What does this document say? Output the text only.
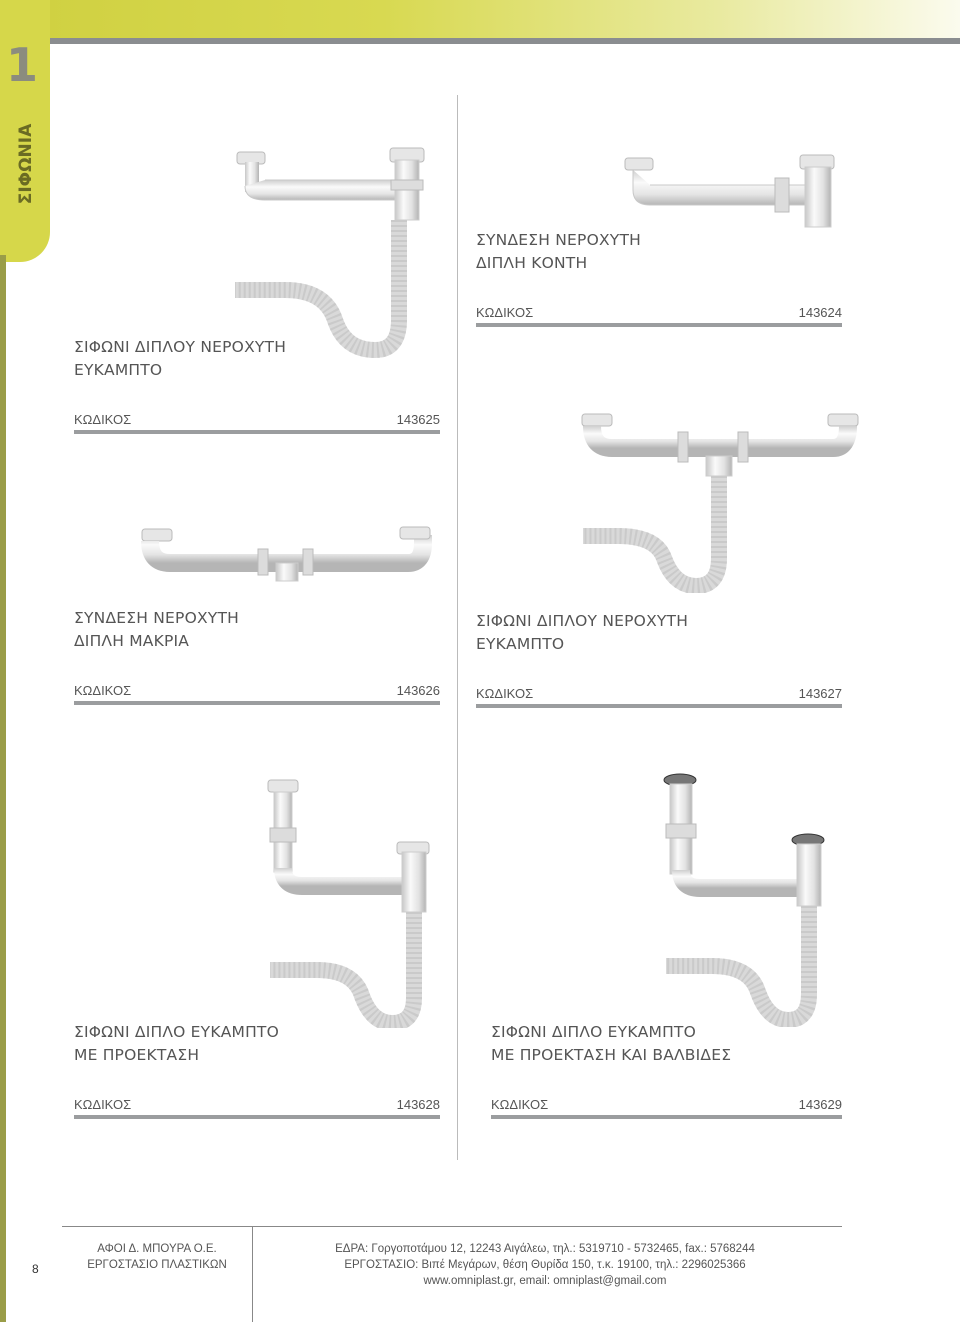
1
ΣΙΦΩΝΙΑ
ΣΙΦΩΝΙ ΔΙΠΛΟΥ ΝΕΡΟΧΥΤΗ
ΕΥΚΑΜΠΤΟ
ΚΩΔΙΚΟΣ	143625
ΣΥΝΔΕΣΗ ΝΕΡΟΧΥΤΗ
ΔΙΠΛΗ ΚΟΝΤΗ
ΚΩΔΙΚΟΣ	143624
ΣΥΝΔΕΣΗ ΝΕΡΟΧΥΤΗ
ΔΙΠΛΗ ΜΑΚΡΙΑ
ΚΩΔΙΚΟΣ	143626
ΣΙΦΩΝΙ ΔΙΠΛΟΥ ΝΕΡΟΧΥΤΗ
ΕΥΚΑΜΠΤΟ
ΚΩΔΙΚΟΣ	143627
ΣΙΦΩΝΙ ΔΙΠΛΟ ΕΥΚΑΜΠΤΟ
ΜΕ ΠΡΟΕΚΤΑΣΗ
ΚΩΔΙΚΟΣ	143628
ΣΙΦΩΝΙ ΔΙΠΛΟ ΕΥΚΑΜΠΤΟ
ΜΕ ΠΡΟΕΚΤΑΣΗ ΚΑΙ ΒΑΛΒΙΔΕΣ
ΚΩΔΙΚΟΣ	143629
8
ΑΦΟΙ Δ. ΜΠΟΥΡΑ Ο.Ε.
ΕΡΓΟΣΤΑΣΙΟ ΠΛΑΣΤΙΚΩΝ
ΕΔΡΑ: Γοργοποτάμου 12, 12243 Αιγάλεω, τηλ.: 5319710 - 5732465, fax.: 5768244
ΕΡΓΟΣΤΑΣΙΟ: Βιπέ Μεγάρων, θέση Θυρίδα 150, τ.κ. 19100, τηλ.: 2296025366
www.omniplast.gr, email: omniplast@gmail.com
